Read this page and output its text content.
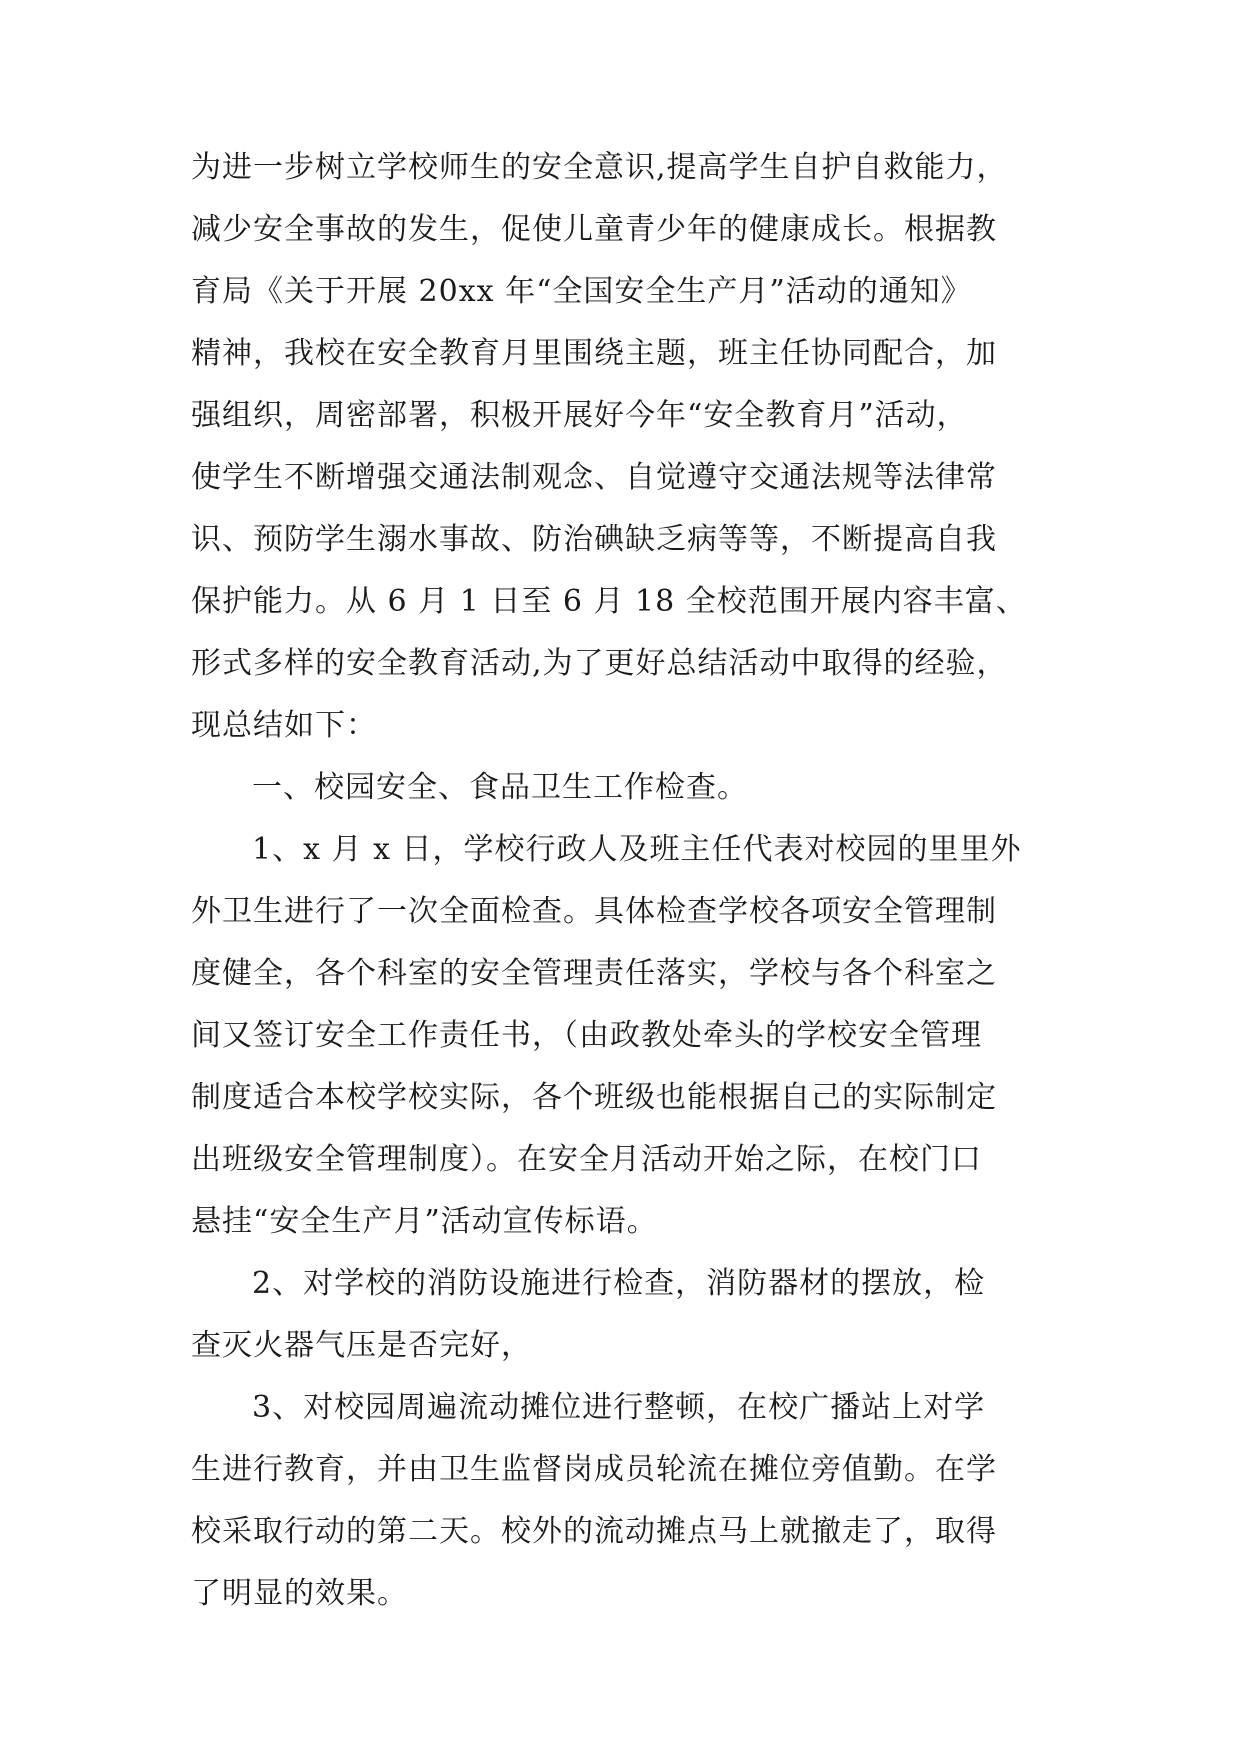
为进一步树立学校师生的安全意识,提高学生自护自救能力，
减少安全事故的发生，促使儿童青少年的健康成长。根据教
育局《关于开展 20xx 年“全国安全生产月”活动的通知》
精神，我校在安全教育月里围绕主题，班主任协同配合，加
强组织，周密部署，积极开展好今年“安全教育月”活动，
使学生不断增强交通法制观念、自觉遵守交通法规等法律常
识、预防学生溺水事故、防治碘缺乏病等等，不断提高自我
保护能力。从 6 月 1 日至 6 月 18 全校范围开展内容丰富、
形式多样的安全教育活动,为了更好总结活动中取得的经验，
现总结如下：
一、校园安全、食品卫生工作检查。
1、x 月 x 日，学校行政人及班主任代表对校园的里里外
外卫生进行了一次全面检查。具体检查学校各项安全管理制
度健全，各个科室的安全管理责任落实，学校与各个科室之
间又签订安全工作责任书，（由政教处牵头的学校安全管理
制度适合本校学校实际，各个班级也能根据自己的实际制定
出班级安全管理制度）。在安全月活动开始之际，在校门口
悬挂“安全生产月”活动宣传标语。
2、对学校的消防设施进行检查，消防器材的摆放，检
查灭火器气压是否完好，
3、对校园周遍流动摊位进行整顿，在校广播站上对学
生进行教育，并由卫生监督岗成员轮流在摊位旁值勤。在学
校采取行动的第二天。校外的流动摊点马上就撤走了，取得
了明显的效果。
